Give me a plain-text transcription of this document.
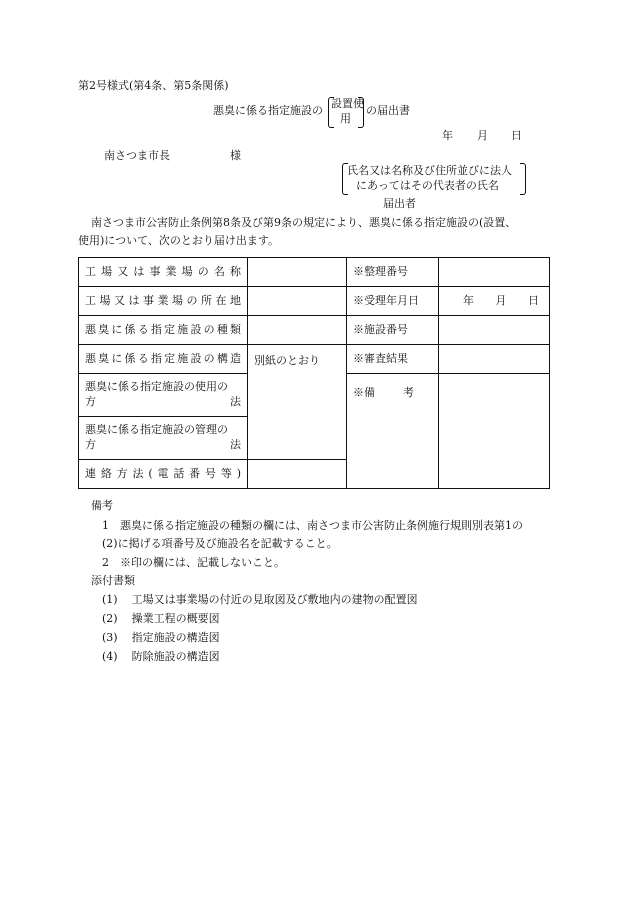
第2号様式(第4条、第5条関係)
悪臭に係る指定施設の
設置使
用
の届出書
年 月 日
南さつま市長	様
氏名又は名称及び住所並びに法人
にあってはその代表者の氏名
届出者
南さつま市公害防止条例第8条及び第9条の規定により、悪臭に係る指定施設の(設置、
使用)について、次のとおり届け出ます。
工場又は事業場の名称		※整理番号	

工場又は事業場の所在地		※受理年月日	年 月 日

悪臭に係る指定施設の種類		※施設番号	

悪臭に係る指定施設の構造	別紙のとおり	※審査結果	

悪臭に係る指定施設の使用の
方 法		※備 考	

悪臭に係る指定施設の管理の
方 法			

連絡方法(電話番号等)			

備考
1　悪臭に係る指定施設の種類の欄には、南さつま市公害防止条例施行規則別表第1の
(2)に掲げる項番号及び施設名を記載すること。
2　※印の欄には、記載しないこと。
添付書類
(1) 工場又は事業場の付近の見取図及び敷地内の建物の配置図
(2) 操業工程の概要図
(3) 指定施設の構造図
(4) 防除施設の構造図
